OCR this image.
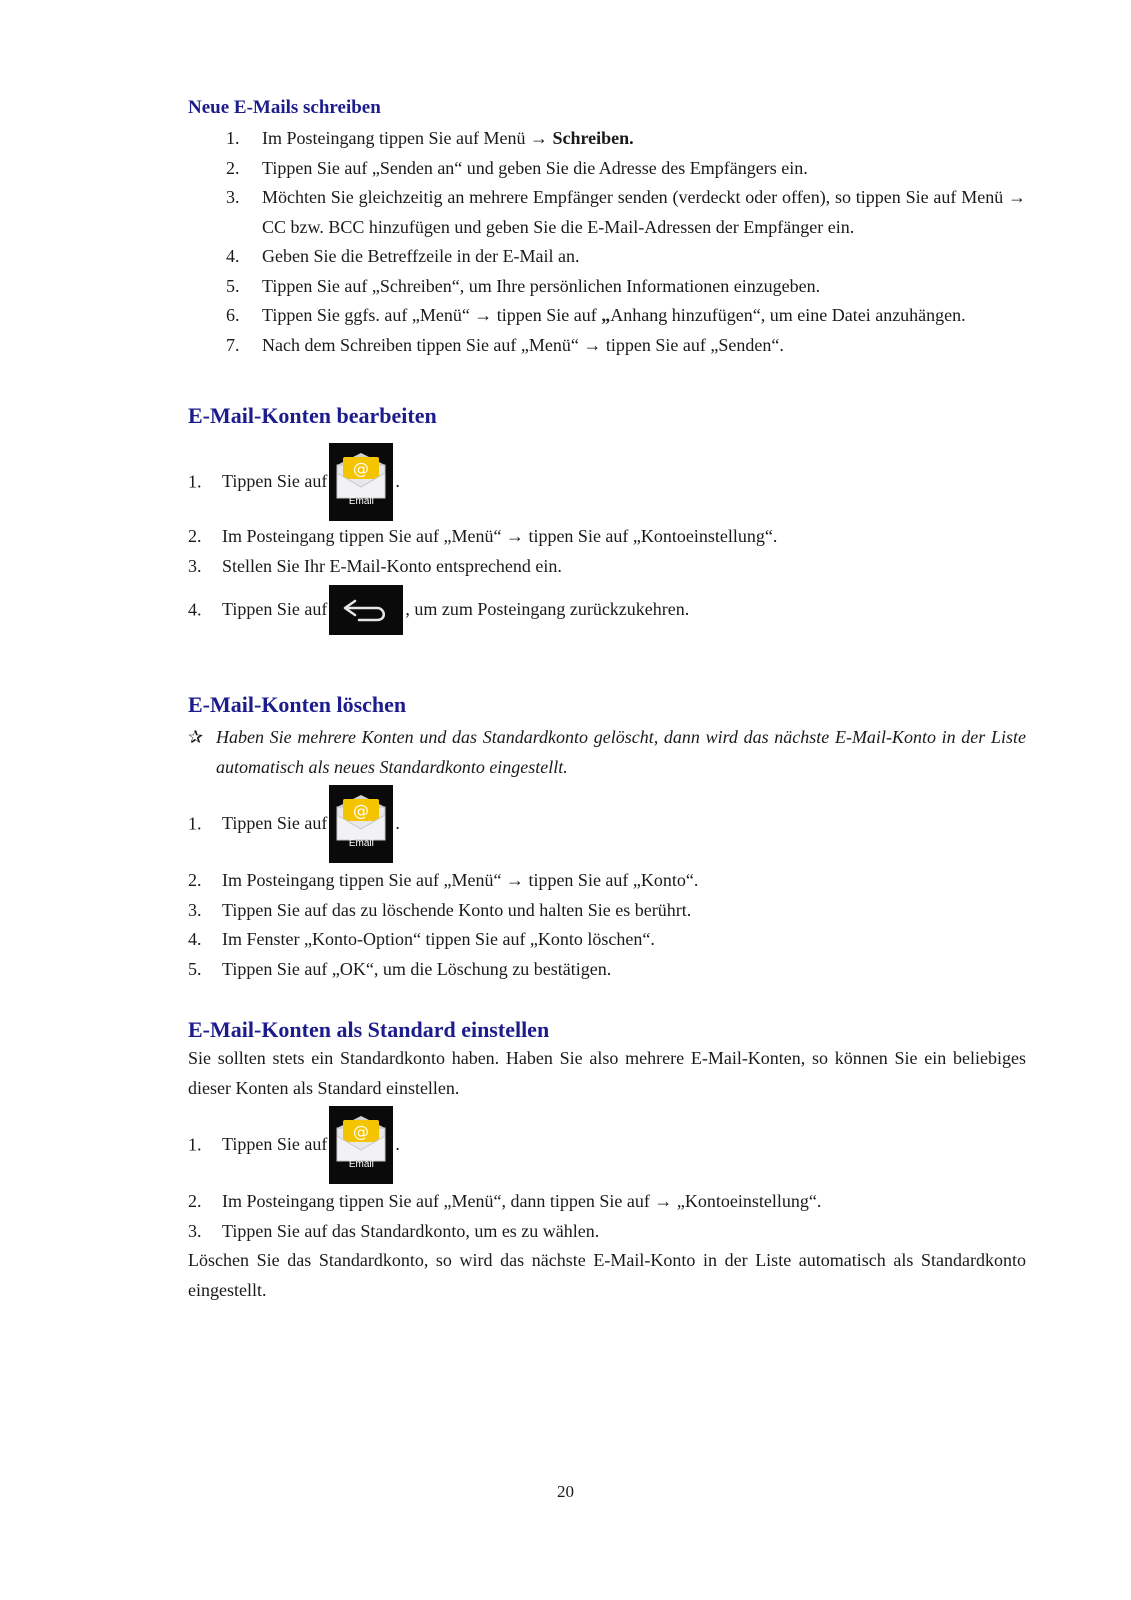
Neue E-Mails schreiben
1. Im Posteingang tippen Sie auf Menü → Schreiben.
2. Tippen Sie auf „Senden an“ und geben Sie die Adresse des Empfängers ein.
3. Möchten Sie gleichzeitig an mehrere Empfänger senden (verdeckt oder offen), so tippen Sie auf Menü → CC bzw. BCC hinzufügen und geben Sie die E-Mail-Adressen der Empfänger ein.
4. Geben Sie die Betreffzeile in der E-Mail an.
5. Tippen Sie auf „Schreiben“, um Ihre persönlichen Informationen einzugeben.
6. Tippen Sie ggfs. auf „Menü“ → tippen Sie auf „Anhang hinzufügen“, um eine Datei anzuhängen.
7. Nach dem Schreiben tippen Sie auf „Menü“ → tippen Sie auf „Senden“.
E-Mail-Konten bearbeiten
1. Tippen Sie auf
@
Email
.
2. Im Posteingang tippen Sie auf „Menü“ → tippen Sie auf „Kontoeinstellung“.
3. Stellen Sie Ihr E-Mail-Konto entsprechend ein.
4. Tippen Sie auf	, um zum Posteingang zurückzukehren.
E-Mail-Konten löschen
✰ Haben Sie mehrere Konten und das Standardkonto gelöscht, dann wird das nächste E-Mail-Konto in der Liste automatisch als neues Standardkonto eingestellt.
1. Tippen Sie auf
@
Email
.
2. Im Posteingang tippen Sie auf „Menü“ → tippen Sie auf „Konto“.
3. Tippen Sie auf das zu löschende Konto und halten Sie es berührt.
4. Im Fenster „Konto-Option“ tippen Sie auf „Konto löschen“.
5. Tippen Sie auf „OK“, um die Löschung zu bestätigen.
E-Mail-Konten als Standard einstellen

Sie sollten stets ein Standardkonto haben. Haben Sie also mehrere E-Mail-Konten, so können Sie ein beliebiges dieser Konten als Standard einstellen.

1. Tippen Sie auf
@
Email
.
2. Im Posteingang tippen Sie auf „Menü“, dann tippen Sie auf → „Kontoeinstellung“.
3. Tippen Sie auf das Standardkonto, um es zu wählen.

Löschen Sie das Standardkonto, so wird das nächste E-Mail-Konto in der Liste automatisch als Standardkonto eingestellt.

20
